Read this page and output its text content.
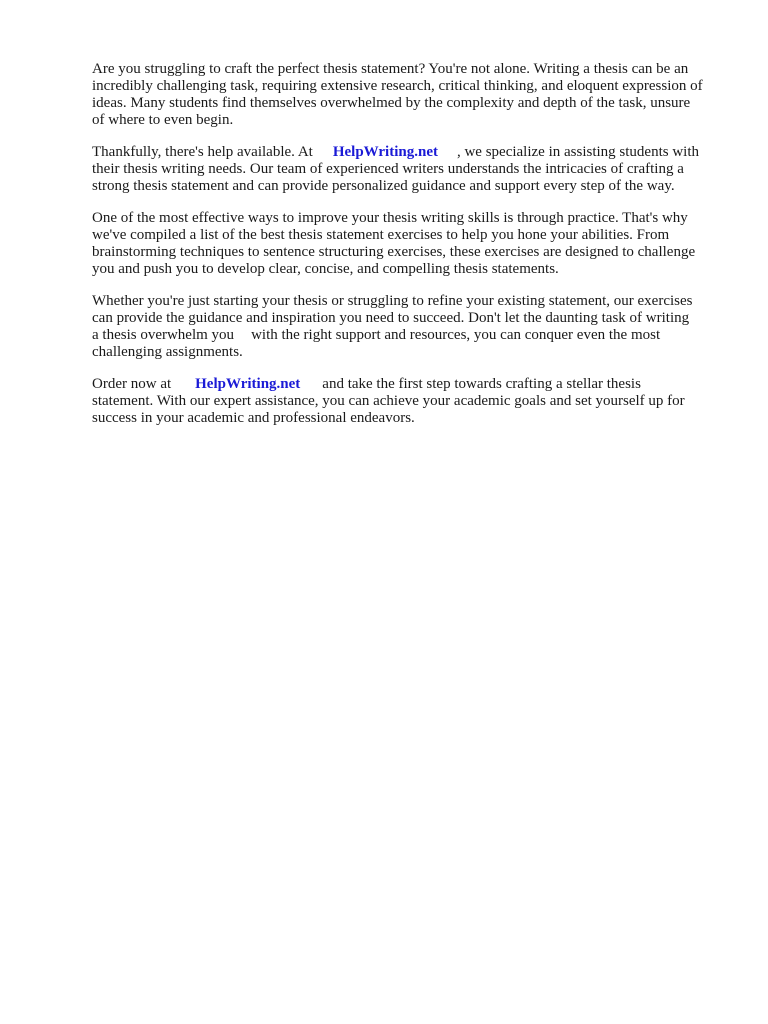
Are you struggling to craft the perfect thesis statement? You're not alone. Writing a thesis can be an
incredibly challenging task, requiring extensive research, critical thinking, and eloquent expression of
ideas. Many students find themselves overwhelmed by the complexity and depth of the task, unsure
of where to even begin.

Thankfully, there's help available. At HelpWriting.net , we specialize in assisting students with
their thesis writing needs. Our team of experienced writers understands the intricacies of crafting a
strong thesis statement and can provide personalized guidance and support every step of the way.

One of the most effective ways to improve your thesis writing skills is through practice. That's why
we've compiled a list of the best thesis statement exercises to help you hone your abilities. From
brainstorming techniques to sentence structuring exercises, these exercises are designed to challenge
you and push you to develop clear, concise, and compelling thesis statements.

Whether you're just starting your thesis or struggling to refine your existing statement, our exercises
can provide the guidance and inspiration you need to succeed. Don't let the daunting task of writing
a thesis overwhelm you with the right support and resources, you can conquer even the most
challenging assignments.

Order now at HelpWriting.net and take the first step towards crafting a stellar thesis
statement. With our expert assistance, you can achieve your academic goals and set yourself up for
success in your academic and professional endeavors.
